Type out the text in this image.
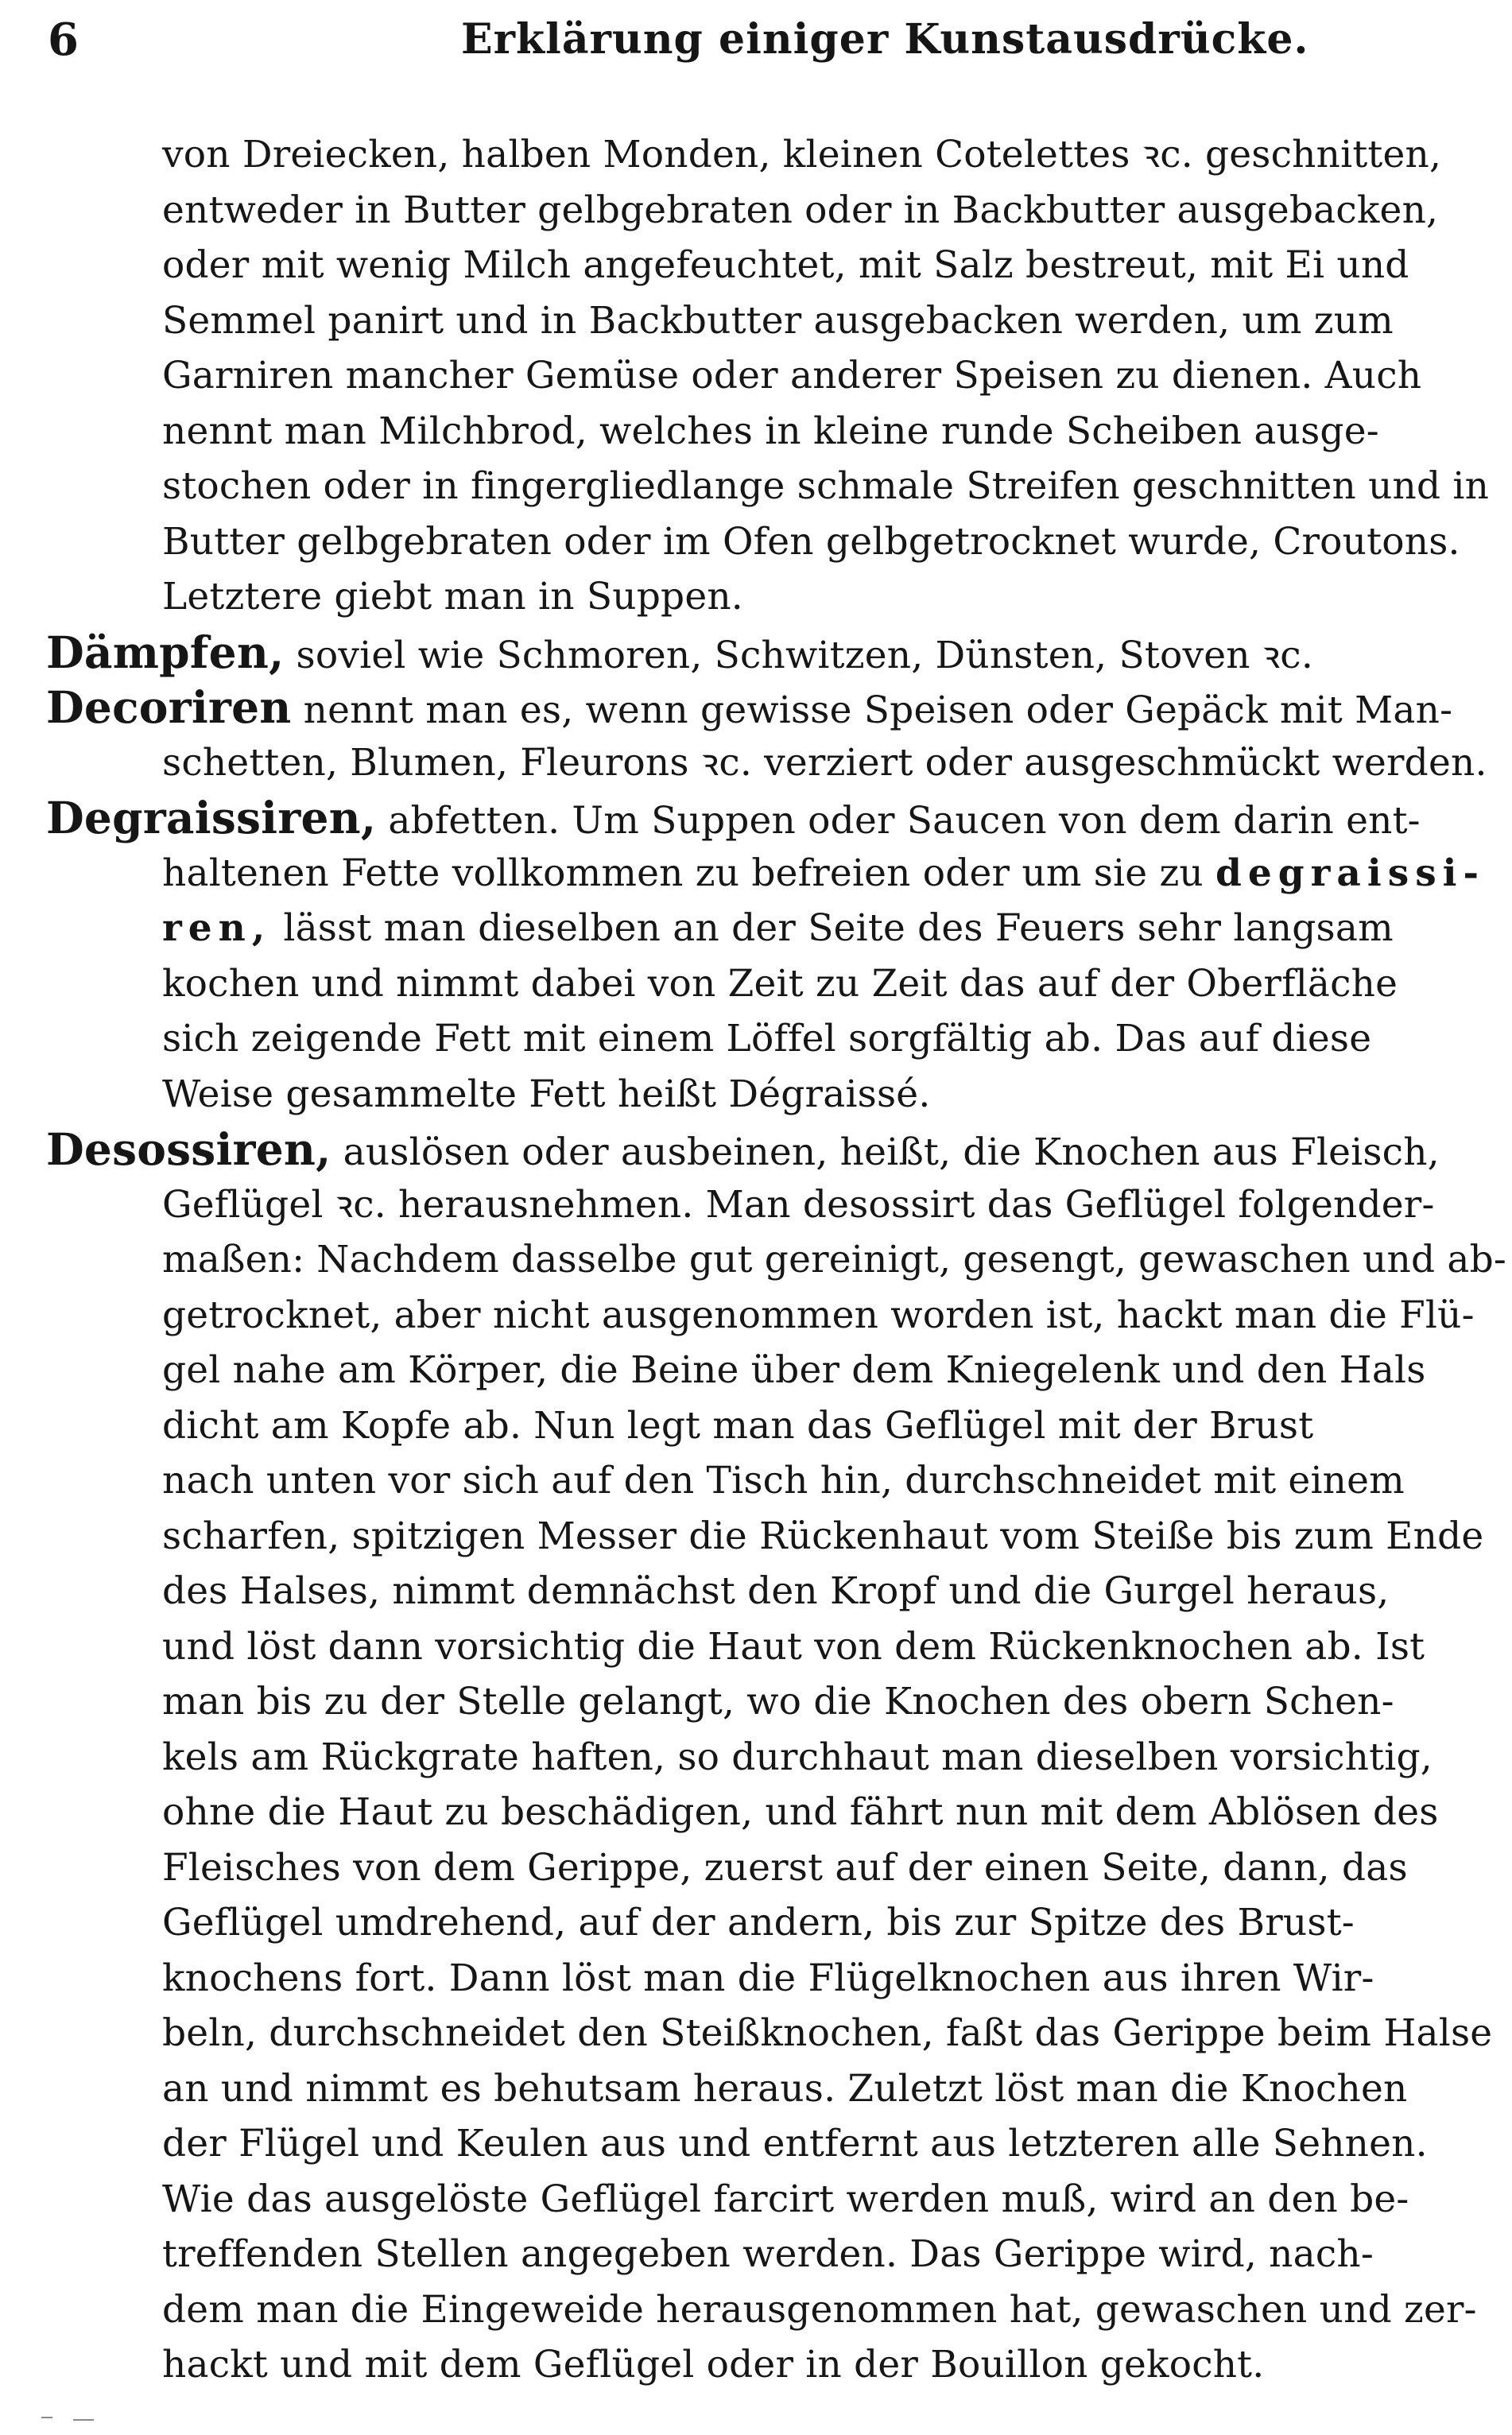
6	Erklärung einiger Kunstausdrücke.
von Dreiecken, halben Monden, kleinen Cotelettes ꝛc. geschnitten,
entweder in Butter gelbgebraten oder in Backbutter ausgebacken,
oder mit wenig Milch angefeuchtet, mit Salz bestreut, mit Ei und
Semmel panirt und in Backbutter ausgebacken werden, um zum
Garniren mancher Gemüse oder anderer Speisen zu dienen. Auch
nennt man Milchbrod, welches in kleine runde Scheiben ausge-
stochen oder in fingergliedlange schmale Streifen geschnitten und in
Butter gelbgebraten oder im Ofen gelbgetrocknet wurde, Croutons.
Letztere giebt man in Suppen.
Dämpfen, soviel wie Schmoren, Schwitzen, Dünsten, Stoven ꝛc.
Decoriren nennt man es, wenn gewisse Speisen oder Gepäck mit Man-
schetten, Blumen, Fleurons ꝛc. verziert oder ausgeschmückt werden.
Degraissiren, abfetten. Um Suppen oder Saucen von dem darin ent-
haltenen Fette vollkommen zu befreien oder um sie zu degraissi-
ren, lässt man dieselben an der Seite des Feuers sehr langsam
kochen und nimmt dabei von Zeit zu Zeit das auf der Oberfläche
sich zeigende Fett mit einem Löffel sorgfältig ab. Das auf diese
Weise gesammelte Fett heißt Dégraissé.
Desossiren, auslösen oder ausbeinen, heißt, die Knochen aus Fleisch,
Geflügel ꝛc. herausnehmen. Man desossirt das Geflügel folgender-
maßen: Nachdem dasselbe gut gereinigt, gesengt, gewaschen und ab-
getrocknet, aber nicht ausgenommen worden ist, hackt man die Flü-
gel nahe am Körper, die Beine über dem Kniegelenk und den Hals
dicht am Kopfe ab. Nun legt man das Geflügel mit der Brust
nach unten vor sich auf den Tisch hin, durchschneidet mit einem
scharfen, spitzigen Messer die Rückenhaut vom Steiße bis zum Ende
des Halses, nimmt demnächst den Kropf und die Gurgel heraus,
und löst dann vorsichtig die Haut von dem Rückenknochen ab. Ist
man bis zu der Stelle gelangt, wo die Knochen des obern Schen-
kels am Rückgrate haften, so durchhaut man dieselben vorsichtig,
ohne die Haut zu beschädigen, und fährt nun mit dem Ablösen des
Fleisches von dem Gerippe, zuerst auf der einen Seite, dann, das
Geflügel umdrehend, auf der andern, bis zur Spitze des Brust-
knochens fort. Dann löst man die Flügelknochen aus ihren Wir-
beln, durchschneidet den Steißknochen, faßt das Gerippe beim Halse
an und nimmt es behutsam heraus. Zuletzt löst man die Knochen
der Flügel und Keulen aus und entfernt aus letzteren alle Sehnen.
Wie das ausgelöste Geflügel farcirt werden muß, wird an den be-
treffenden Stellen angegeben werden. Das Gerippe wird, nach-
dem man die Eingeweide herausgenommen hat, gewaschen und zer-
hackt und mit dem Geflügel oder in der Bouillon gekocht.
